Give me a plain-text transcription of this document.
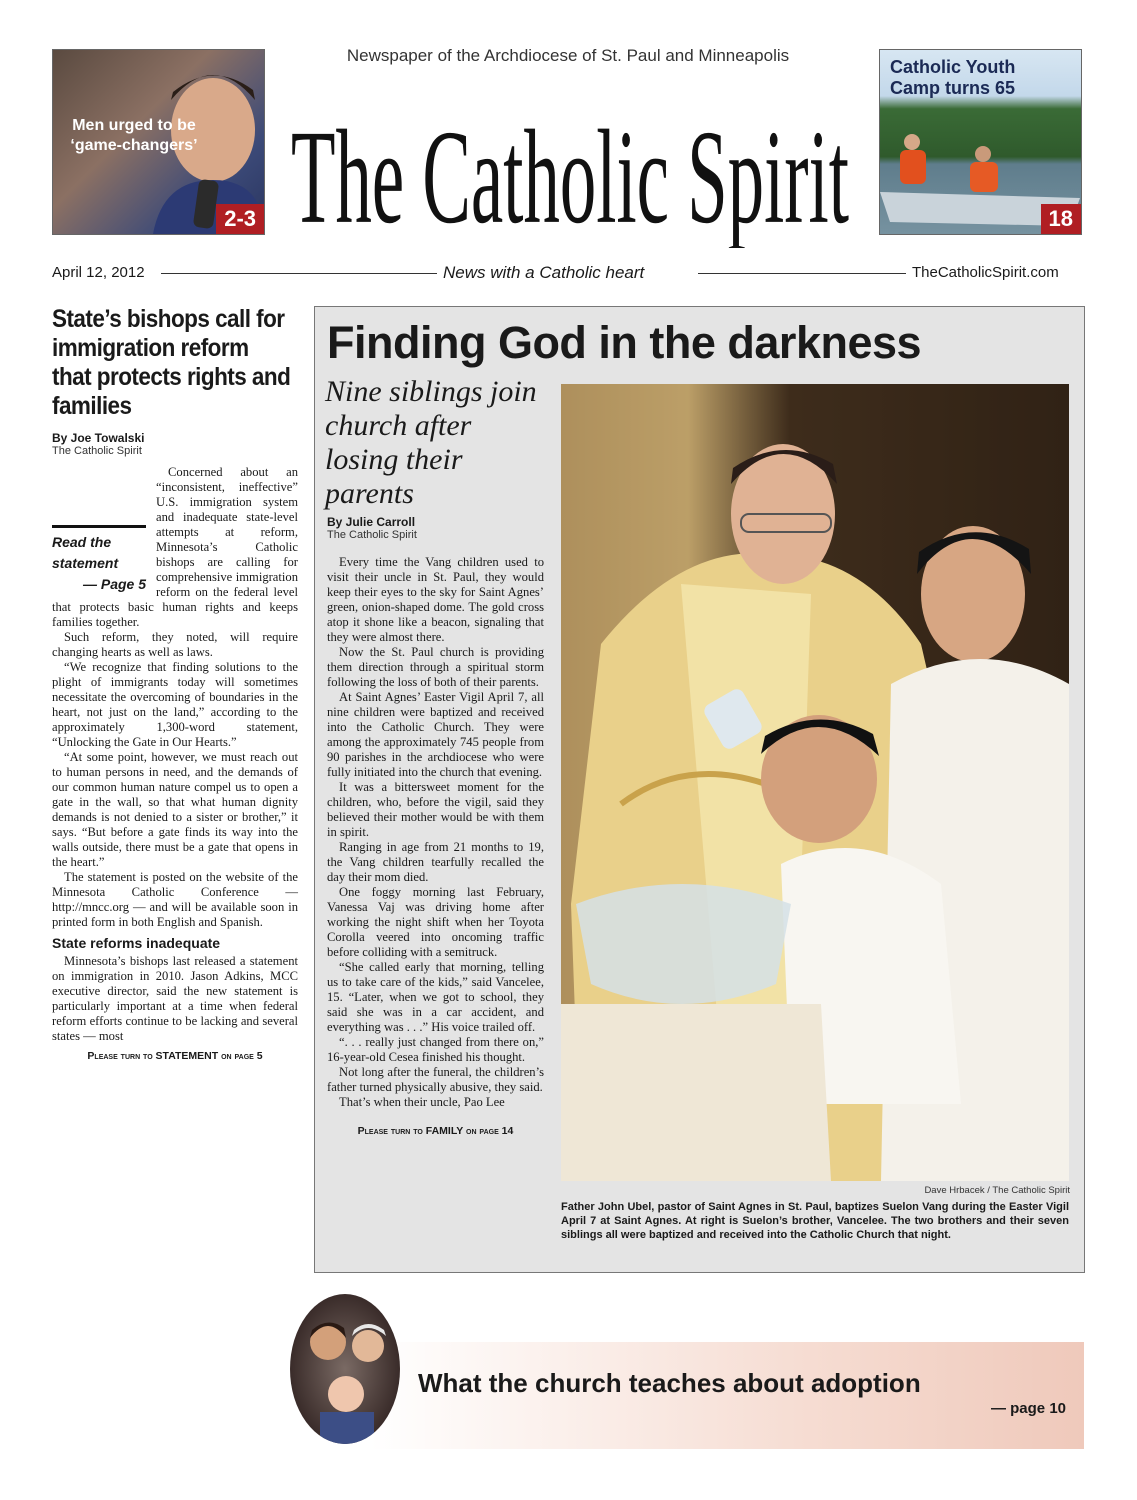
Newspaper of the Archdiocese of St. Paul and Minneapolis
The Catholic Spirit
Men urged to be ‘game-changers’
2-3
Catholic Youth Camp turns 65
18
April 12, 2012	News with a Catholic heart	TheCatholicSpirit.com
State’s bishops call for immigration reform that protects rights and families
By Joe Towalski
The Catholic Spirit
Read the
statement
— Page 5

Concerned about an “inconsistent, ineffective” U.S. immigration system and inadequate state-level attempts at reform, Minnesota’s Catholic bishops are calling for comprehensive immigration reform on the federal level that protects basic human rights and keeps families together.

Such reform, they noted, will require changing hearts as well as laws.

“We recognize that finding solutions to the plight of immigrants today will sometimes necessitate the overcoming of boundaries in the heart, not just on the land,” according to the approximately 1,300-word statement, “Unlocking the Gate in Our Hearts.”

“At some point, however, we must reach out to human persons in need, and the demands of our common human nature compel us to open a gate in the wall, so that what human dignity demands is not denied to a sister or brother,” it says. “But before a gate finds its way into the walls outside, there must be a gate that opens in the heart.”

The statement is posted on the website of the Minnesota Catholic Conference — http://mncc.org — and will be available soon in printed form in both English and Spanish.

State reforms inadequate

Minnesota’s bishops last released a statement on immigration in 2010. Jason Adkins, MCC executive director, said the new statement is particularly important at a time when federal reform efforts continue to be lacking and several states — most

Please turn to STATEMENT on page 5
Finding God in the darkness
Nine siblings join church after losing their parents
By Julie Carroll
The Catholic Spirit

Every time the Vang children used to visit their uncle in St. Paul, they would keep their eyes to the sky for Saint Agnes’ green, onion-shaped dome. The gold cross atop it shone like a beacon, signaling that they were almost there.

Now the St. Paul church is providing them direction through a spiritual storm following the loss of both of their parents.

At Saint Agnes’ Easter Vigil April 7, all nine children were baptized and received into the Catholic Church. They were among the approximately 745 people from 90 parishes in the archdiocese who were fully initiated into the church that evening.

It was a bittersweet moment for the children, who, before the vigil, said they believed their mother would be with them in spirit.

Ranging in age from 21 months to 19, the Vang children tearfully recalled the day their mom died.

One foggy morning last February, Vanessa Vaj was driving home after working the night shift when her Toyota Corolla veered into oncoming traffic before colliding with a semitruck.

“She called early that morning, telling us to take care of the kids,” said Vancelee, 15. “Later, when we got to school, they said she was in a car accident, and everything was . . .” His voice trailed off.

“. . . really just changed from there on,” 16-year-old Cesea finished his thought.

Not long after the funeral, the children’s father turned physically abusive, they said.

That’s when their uncle, Pao Lee

Please turn to FAMILY on page 14
Dave Hrbacek / The Catholic Spirit
Father John Ubel, pastor of Saint Agnes in St. Paul, baptizes Suelon Vang during the Easter Vigil April 7 at Saint Agnes. At right is Suelon’s brother, Vancelee. The two brothers and their seven siblings all were baptized and received into the Catholic Church that night.
What the church teaches about adoption
— page 10
